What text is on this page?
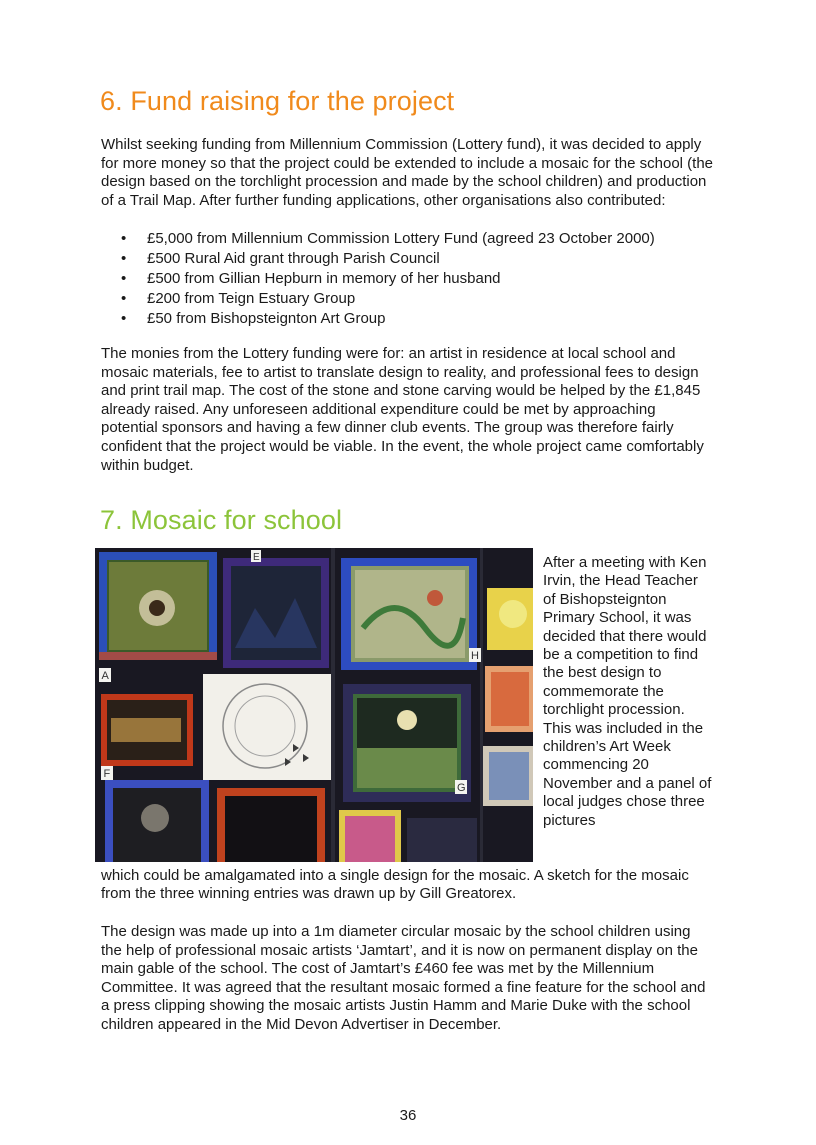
6. Fund raising for the project

Whilst seeking funding from Millennium Commission (Lottery fund), it was decided to apply for more money so that the project could be extended to include a mosaic for the school (the design based on the torchlight procession and made by the school children) and production of a Trail Map. After further funding applications, other organisations also contributed:

• £5,000 from Millennium Commission Lottery Fund (agreed 23 October 2000)
• £500 Rural Aid grant through Parish Council
• £500 from Gillian Hepburn in memory of her husband
• £200 from Teign Estuary Group
• £50 from Bishopsteignton Art Group

The monies from the Lottery funding were for: an artist in residence at local school and mosaic materials, fee to artist to translate design to reality, and professional fees to design and print trail map. The cost of the stone and stone carving would be helped by the £1,845 already raised. Any unforeseen additional expenditure could be met by approaching potential sponsors and having a few dinner club events. The group was therefore fairly confident that the project would be viable. In the event, the whole project came comfortably within budget.

7. Mosaic for school
A
E
F
G
H

After a meeting with Ken Irvin, the Head Teacher of Bishopsteignton Primary School, it was decided that there would be a competition to find the best design to commemorate the torchlight procession. This was included in the children’s Art Week commencing 20 November and a panel of local judges chose three pictures

which could be amalgamated into a single design for the mosaic. A sketch for the mosaic from the three winning entries was drawn up by Gill Greatorex.

The design was made up into a 1m diameter circular mosaic by the school children using the help of professional mosaic artists ‘Jamtart’, and it is now on permanent display on the main gable of the school. The cost of Jamtart’s £460 fee was met by the Millennium Committee. It was agreed that the resultant mosaic formed a fine feature for the school and a press clipping showing the mosaic artists Justin Hamm and Marie Duke with the school children appeared in the Mid Devon Advertiser in December.

36
